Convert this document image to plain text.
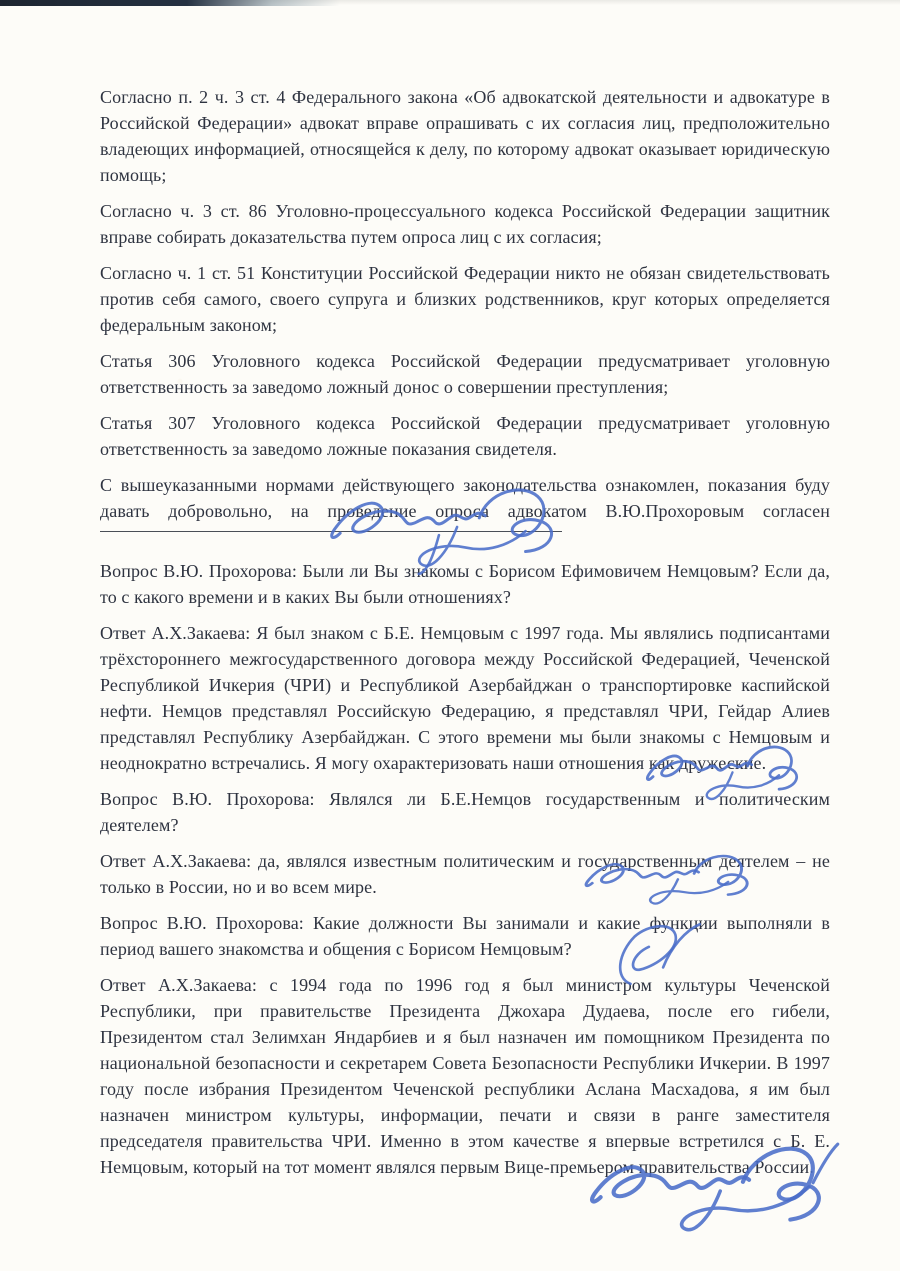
Согласно п. 2 ч. 3 ст. 4 Федерального закона «Об адвокатской деятельности и адвокатуре в Российской Федерации» адвокат вправе опрашивать с их согласия лиц, предположительно владеющих информацией, относящейся к делу, по которому адвокат оказывает юридическую помощь;

Согласно ч. 3 ст. 86 Уголовно-процессуального кодекса Российской Федерации защитник вправе собирать доказательства путем опроса лиц с их согласия;

Согласно ч. 1 ст. 51 Конституции Российской Федерации никто не обязан свидетельствовать против себя самого, своего супруга и близких родственников, круг которых определяется федеральным законом;

Статья 306 Уголовного кодекса Российской Федерации предусматривает уголовную ответственность за заведомо ложный донос о совершении преступления;

Статья 307 Уголовного кодекса Российской Федерации предусматривает уголовную ответственность за заведомо ложные показания свидетеля.

С вышеуказанными нормами действующего законодательства ознакомлен, показания буду давать добровольно, на проведение опроса адвокатом В.Ю.Прохоровым согласен

Вопрос В.Ю. Прохорова: Были ли Вы знакомы с Борисом Ефимовичем Немцовым? Если да, то с какого времени и в каких Вы были отношениях?

Ответ А.Х.Закаева: Я был знаком с Б.Е. Немцовым с 1997 года. Мы являлись подписантами трёхстороннего межгосударственного договора между Российской Федерацией, Чеченской Республикой Ичкерия (ЧРИ) и Республикой Азербайджан о транспортировке каспийской нефти. Немцов представлял Российскую Федерацию, я представлял ЧРИ, Гейдар Алиев представлял Республику Азербайджан. С этого времени мы были знакомы с Немцовым и неоднократно встречались. Я могу охарактеризовать наши отношения как дружеские.

Вопрос В.Ю. Прохорова: Являлся ли Б.Е.Немцов государственным и политическим деятелем?

Ответ А.Х.Закаева: да, являлся известным политическим и государственным деятелем – не только в России, но и во всем мире.

Вопрос В.Ю. Прохорова: Какие должности Вы занимали и какие функции выполняли в период вашего знакомства и общения с Борисом Немцовым?

Ответ А.Х.Закаева: с 1994 года по 1996 год я был министром культуры Чеченской Республики, при правительстве Президента Джохара Дудаева, после его гибели, Президентом стал Зелимхан Яндарбиев и я был назначен им помощником Президента по национальной безопасности и секретарем Совета Безопасности Республики Ичкерии. В 1997 году после избрания Президентом Чеченской республики Аслана Масхадова, я им был назначен министром культуры, информации, печати и связи в ранге заместителя председателя правительства ЧРИ. Именно в этом качестве я впервые встретился с Б. Е. Немцовым, который на тот момент являлся первым Вице-премьером правительства России.
